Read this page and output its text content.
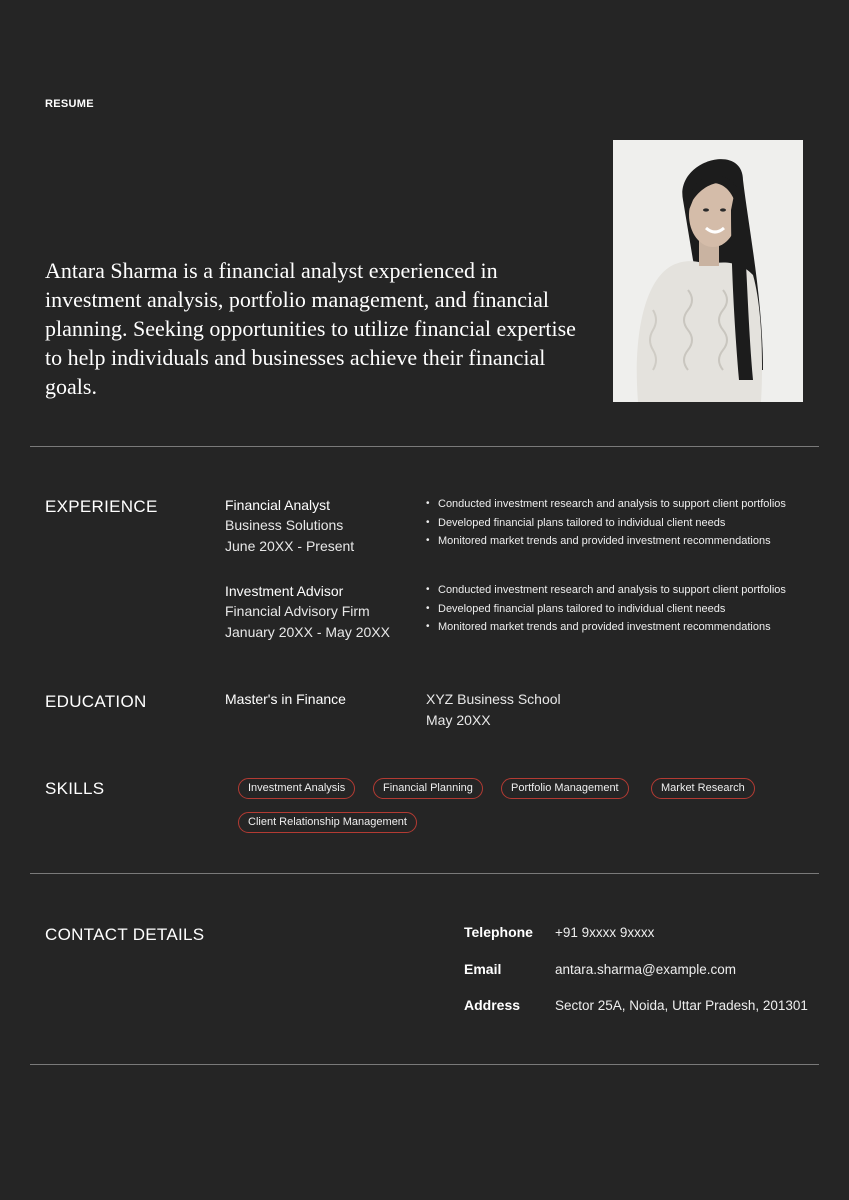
RESUME
Antara Sharma is a financial analyst experienced in investment analysis, portfolio management, and financial planning. Seeking opportunities to utilize financial expertise to help individuals and businesses achieve their financial goals.
EXPERIENCE	Financial Analyst
Business Solutions
June 20XX - Present
• Conducted investment research and analysis to support client portfolios
• Developed financial plans tailored to individual client needs
• Monitored market trends and provided investment recommendations
Investment Advisor
Financial Advisory Firm
January 20XX - May 20XX
• Conducted investment research and analysis to support client portfolios
• Developed financial plans tailored to individual client needs
• Monitored market trends and provided investment recommendations
EDUCATION	Master's in Finance	XYZ Business School
May 20XX
SKILLS	Investment Analysis	Financial Planning	Portfolio Management	Market Research
Client Relationship Management
CONTACT DETAILS	Telephone +91 9xxxx 9xxxx
Email	antara.sharma@example.com
Address	Sector 25A, Noida, Uttar Pradesh, 201301
